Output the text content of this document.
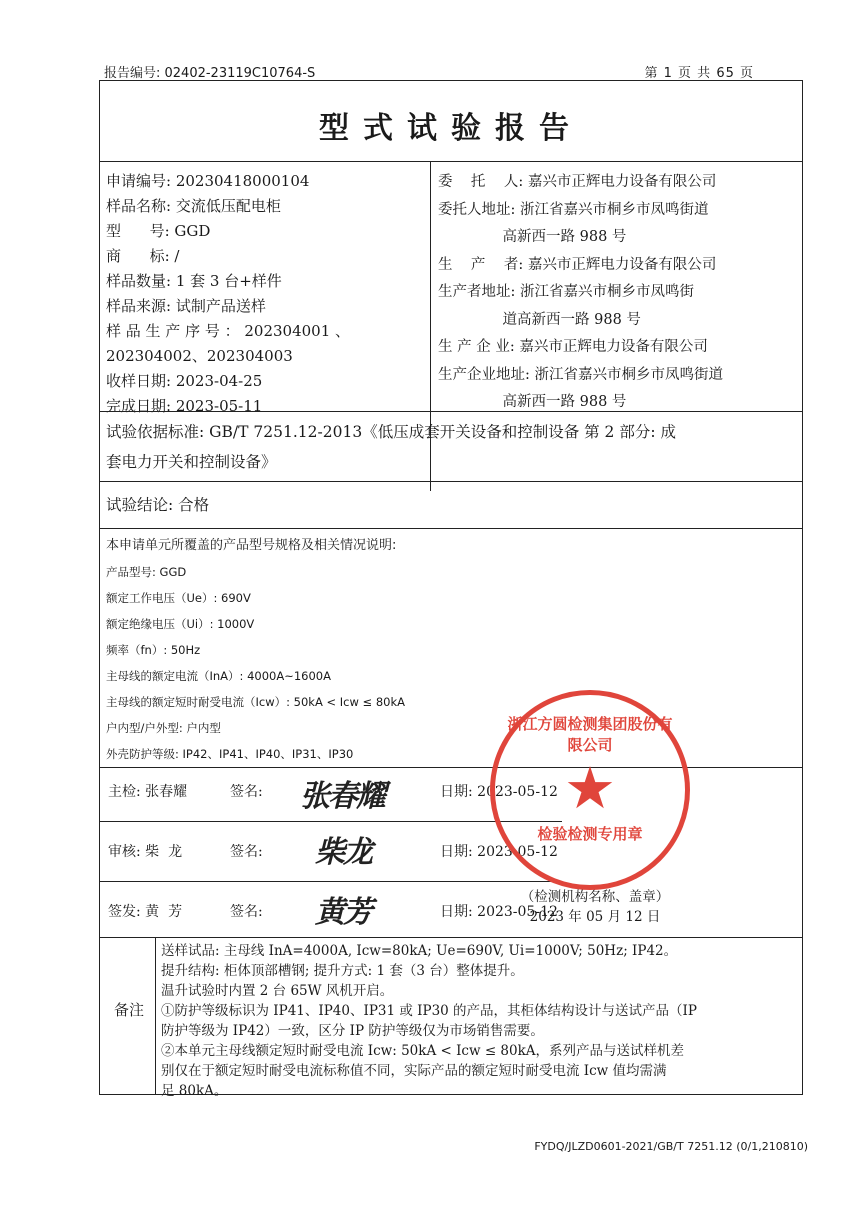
报告编号: 02402-23119C10764-S	第 1 页 共 65 页
型式试验报告
申请编号: 20230418000104
样品名称: 交流低压配电柜
型      号: GGD
商      标: /
样品数量: 1 套 3 台+样件
样品来源: 试制产品送样
样 品 生 产 序 号 ： 202304001 、
202304002、202304003
收样日期: 2023-04-25
完成日期: 2023-05-11
委    托    人: 嘉兴市正辉电力设备有限公司
委托人地址: 浙江省嘉兴市桐乡市凤鸣街道
高新西一路 988 号
生    产    者: 嘉兴市正辉电力设备有限公司
生产者地址: 浙江省嘉兴市桐乡市凤鸣街
道高新西一路 988 号
生 产 企 业: 嘉兴市正辉电力设备有限公司
生产企业地址: 浙江省嘉兴市桐乡市凤鸣街道
高新西一路 988 号
试验依据标准: GB/T 7251.12-2013《低压成套开关设备和控制设备 第 2 部分: 成
套电力开关和控制设备》
试验结论: 合格
本申请单元所覆盖的产品型号规格及相关情况说明:
产品型号: GGD
额定工作电压（Ue）: 690V
额定绝缘电压（Ui）: 1000V
频率（fn）: 50Hz
主母线的额定电流（InA）: 4000A~1600A
主母线的额定短时耐受电流（Icw）: 50kA < Icw ≤ 80kA
户内型/户外型: 户内型
外壳防护等级: IP42、IP41、IP40、IP31、IP30
主检: 张春耀	签名: 张春耀	日期: 2023-05-12
审核: 柴  龙	签名: 柴龙	日期: 2023-05-12
签发: 黄  芳	签名: 黄芳	日期: 2023-05-12
备注
送样试品: 主母线 InA=4000A, Icw=80kA; Ue=690V, Ui=1000V; 50Hz; IP42。
提升结构: 柜体顶部槽钢; 提升方式: 1 套（3 台）整体提升。
温升试验时内置 2 台 65W 风机开启。
①防护等级标识为 IP41、IP40、IP31 或 IP30 的产品，其柜体结构设计与送试产品（IP
防护等级为 IP42）一致，区分 IP 防护等级仅为市场销售需要。
②本单元主母线额定短时耐受电流 Icw: 50kA < Icw ≤ 80kA，系列产品与送试样机差
别仅在于额定短时耐受电流标称值不同，实际产品的额定短时耐受电流 Icw 值均需满
足 80kA。
（检测机构名称、盖章）
2023 年 05 月 12 日
浙江方圆检测集团股份有限公司
★
检验检测专用章
FYDQ/JLZD0601-2021/GB/T 7251.12 (0/1,210810)
